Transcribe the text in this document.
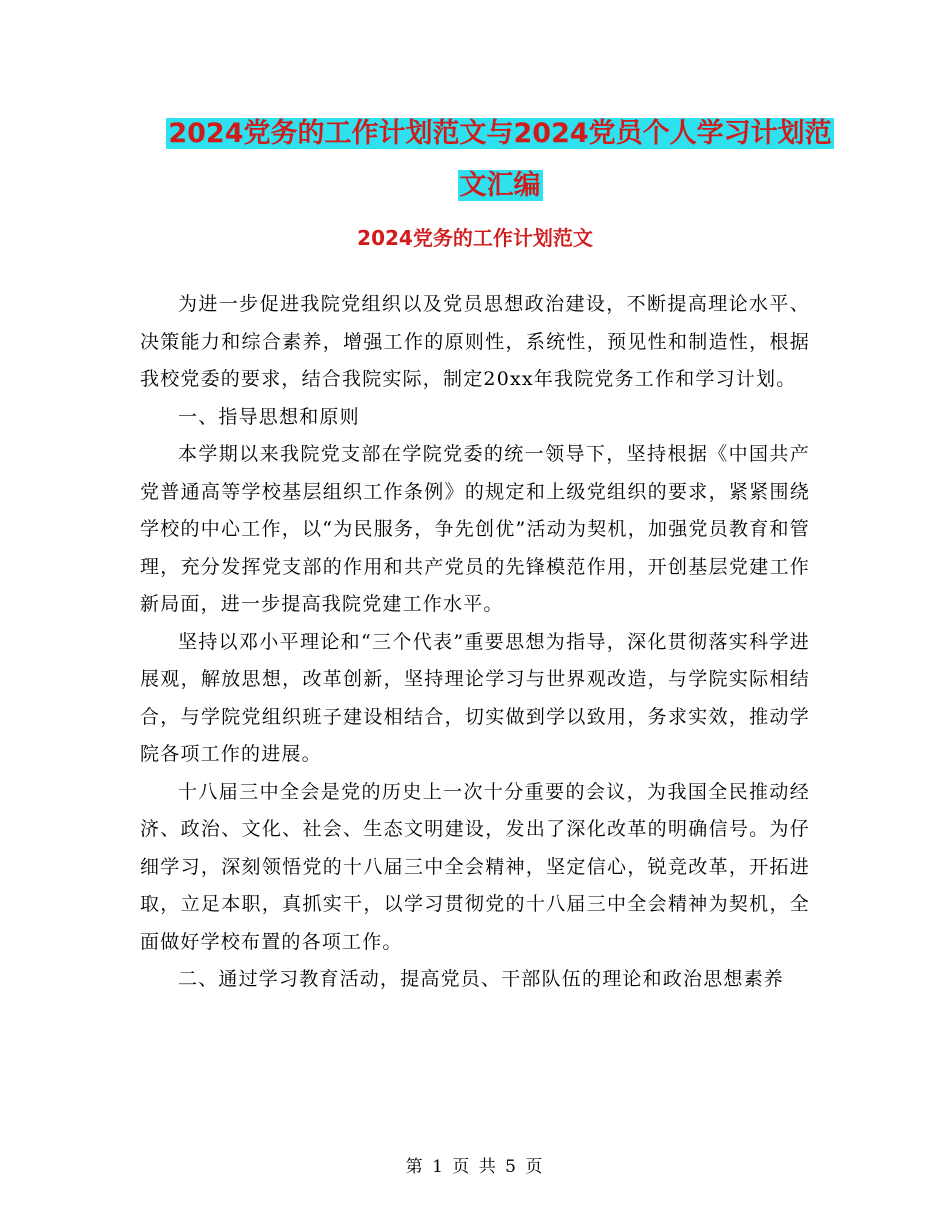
2024党务的工作计划范文与2024党员个人学习计划范
文汇编
2024党务的工作计划范文

为进一步促进我院党组织以及党员思想政治建设，不断提高理论水平、决策能力和综合素养，增强工作的原则性，系统性，预见性和制造性，根据我校党委的要求，结合我院实际，制定20xx年我院党务工作和学习计划。

一、指导思想和原则

本学期以来我院党支部在学院党委的统一领导下，坚持根据《中国共产党普通高等学校基层组织工作条例》的规定和上级党组织的要求，紧紧围绕学校的中心工作，以“为民服务，争先创优”活动为契机，加强党员教育和管理，充分发挥党支部的作用和共产党员的先锋模范作用，开创基层党建工作新局面，进一步提高我院党建工作水平。

坚持以邓小平理论和“三个代表”重要思想为指导，深化贯彻落实科学进展观，解放思想，改革创新，坚持理论学习与世界观改造，与学院实际相结合，与学院党组织班子建设相结合，切实做到学以致用，务求实效，推动学院各项工作的进展。

十八届三中全会是党的历史上一次十分重要的会议，为我国全民推动经济、政治、文化、社会、生态文明建设，发出了深化改革的明确信号。为仔细学习，深刻领悟党的十八届三中全会精神，坚定信心，锐竞改革，开拓进取，立足本职，真抓实干，以学习贯彻党的十八届三中全会精神为契机，全面做好学校布置的各项工作。

二、通过学习教育活动，提高党员、干部队伍的理论和政治思想素养

第 1 页 共 5 页
